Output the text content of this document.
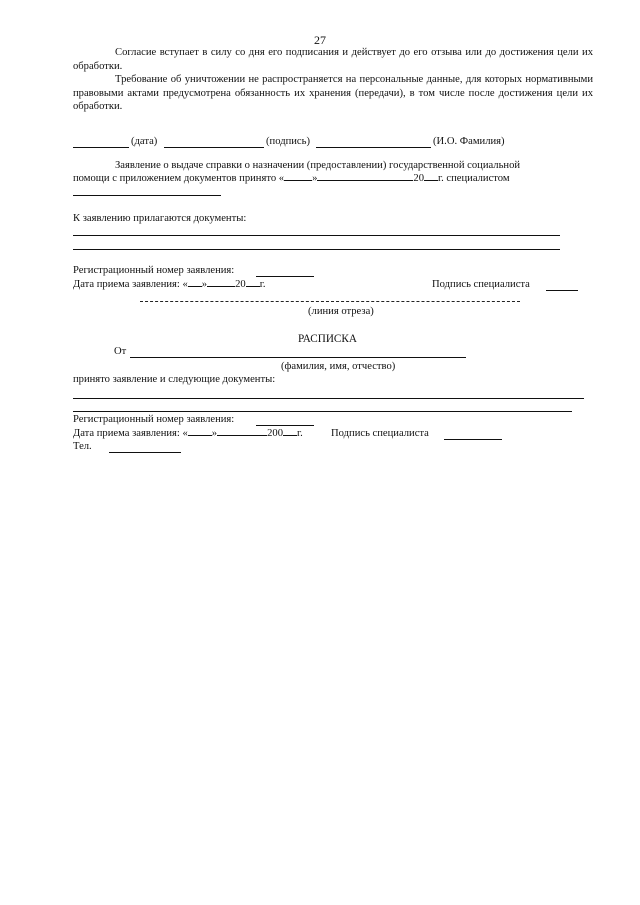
27
Согласие вступает в силу со дня его подписания и действует до его отзыва или до достижения цели их обработки.
Требование об уничтожении не распространяется на персональные данные, для которых нормативными правовыми актами предусмотрена обязанность их хранения (передачи), в том числе после достижения цели их обработки.
(дата)	(подпись)	(И.О. Фамилия)
Заявление о выдаче справки о назначении (предоставлении) государственной социальной
помощи с приложением документов принято «	»	20 г. специалистом
К заявлению прилагаются документы:
Регистрационный номер заявления:
Дата приема заявления: « »	20 г.	Подпись специалиста
(линия отреза)
РАСПИСКА
От
(фамилия, имя, отчество)
принято заявление и следующие документы:
Регистрационный номер заявления:
Дата приема заявления: « »	200 г.	Подпись специалиста
Тел.
